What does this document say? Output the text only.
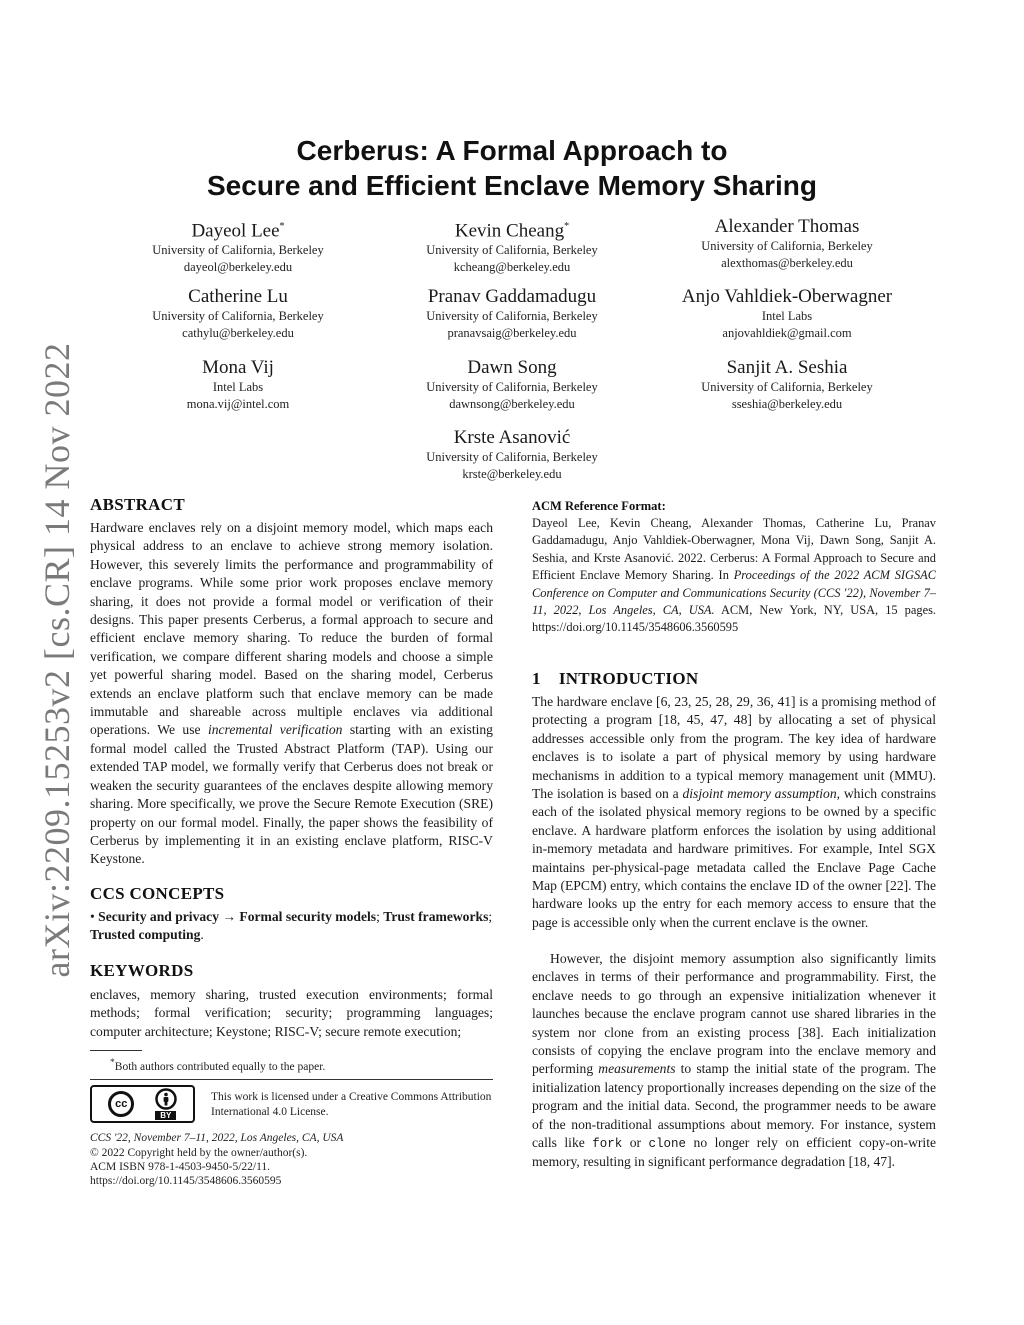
arXiv:2209.15253v2 [cs.CR] 14 Nov 2022
Cerberus: A Formal Approach to
Secure and Efficient Enclave Memory Sharing
Dayeol Lee*
University of California, Berkeley
dayeol@berkeley.edu
Kevin Cheang*
University of California, Berkeley
kcheang@berkeley.edu
Alexander Thomas
University of California, Berkeley
alexthomas@berkeley.edu
Catherine Lu
University of California, Berkeley
cathylu@berkeley.edu
Pranav Gaddamadugu
University of California, Berkeley
pranavsaig@berkeley.edu
Anjo Vahldiek-Oberwagner
Intel Labs
anjovahldiek@gmail.com
Mona Vij
Intel Labs
mona.vij@intel.com
Dawn Song
University of California, Berkeley
dawnsong@berkeley.edu
Sanjit A. Seshia
University of California, Berkeley
sseshia@berkeley.edu
Krste Asanović
University of California, Berkeley
krste@berkeley.edu
ABSTRACT
Hardware enclaves rely on a disjoint memory model, which maps each physical address to an enclave to achieve strong memory isolation. However, this severely limits the performance and programmability of enclave programs. While some prior work proposes enclave memory sharing, it does not provide a formal model or verification of their designs. This paper presents Cerberus, a formal approach to secure and efficient enclave memory sharing. To reduce the burden of formal verification, we compare different sharing models and choose a simple yet powerful sharing model. Based on the sharing model, Cerberus extends an enclave platform such that enclave memory can be made immutable and shareable across multiple enclaves via additional operations. We use incremental verification starting with an existing formal model called the Trusted Abstract Platform (TAP). Using our extended TAP model, we formally verify that Cerberus does not break or weaken the security guarantees of the enclaves despite allowing memory sharing. More specifically, we prove the Secure Remote Execution (SRE) property on our formal model. Finally, the paper shows the feasibility of Cerberus by implementing it in an existing enclave platform, RISC-V Keystone.
CCS CONCEPTS
• Security and privacy → Formal security models; Trust frameworks; Trusted computing.
KEYWORDS
enclaves, memory sharing, trusted execution environments; formal methods; formal verification; security; programming languages; computer architecture; Keystone; RISC-V; secure remote execution;
*Both authors contributed equally to the paper.
cc
BY
This work is licensed under a Creative Commons Attribution International 4.0 License.
CCS '22, November 7–11, 2022, Los Angeles, CA, USA
© 2022 Copyright held by the owner/author(s).
ACM ISBN 978-1-4503-9450-5/22/11.
https://doi.org/10.1145/3548606.3560595
ACM Reference Format:
Dayeol Lee, Kevin Cheang, Alexander Thomas, Catherine Lu, Pranav Gaddamadugu, Anjo Vahldiek-Oberwagner, Mona Vij, Dawn Song, Sanjit A. Seshia, and Krste Asanović. 2022. Cerberus: A Formal Approach to Secure and Efficient Enclave Memory Sharing. In Proceedings of the 2022 ACM SIGSAC Conference on Computer and Communications Security (CCS '22), November 7–11, 2022, Los Angeles, CA, USA. ACM, New York, NY, USA, 15 pages. https://doi.org/10.1145/3548606.3560595
1 INTRODUCTION
The hardware enclave [6, 23, 25, 28, 29, 36, 41] is a promising method of protecting a program [18, 45, 47, 48] by allocating a set of physical addresses accessible only from the program. The key idea of hardware enclaves is to isolate a part of physical memory by using hardware mechanisms in addition to a typical memory management unit (MMU). The isolation is based on a disjoint memory assumption, which constrains each of the isolated physical memory regions to be owned by a specific enclave. A hardware platform enforces the isolation by using additional in-memory metadata and hardware primitives. For example, Intel SGX maintains per-physical-page metadata called the Enclave Page Cache Map (EPCM) entry, which contains the enclave ID of the owner [22]. The hardware looks up the entry for each memory access to ensure that the page is accessible only when the current enclave is the owner.
However, the disjoint memory assumption also significantly limits enclaves in terms of their performance and programmability. First, the enclave needs to go through an expensive initialization whenever it launches because the enclave program cannot use shared libraries in the system nor clone from an existing process [38]. Each initialization consists of copying the enclave program into the enclave memory and performing measurements to stamp the initial state of the program. The initialization latency proportionally increases depending on the size of the program and the initial data. Second, the programmer needs to be aware of the non-traditional assumptions about memory. For instance, system calls like fork or clone no longer rely on efficient copy-on-write memory, resulting in significant performance degradation [18, 47].
